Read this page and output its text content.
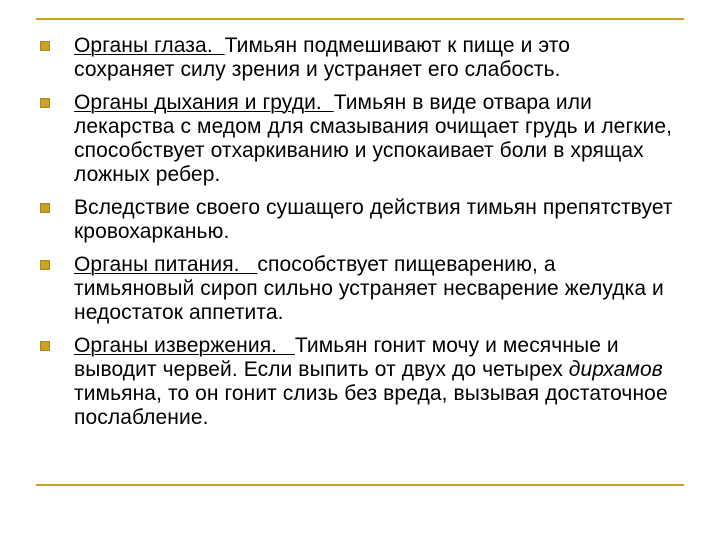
Органы глаза.  Тимьян подмешивают к пище и это сохраняет силу зрения и устраняет его слабость.
Органы дыхания и груди.  Тимьян в виде отвара или лекарства с медом для смазывания очищает грудь и легкие, способствует отхаркиванию и успокаивает боли в хрящах ложных ребер.
Вследствие своего сушащего действия тимьян препятствует кровохарканью.
Органы питания.   способствует пищеварению, а тимьяновый сироп сильно устраняет несварение желудка и недостаток аппетита.
Органы извержения.   Тимьян гонит мочу и месячные и выводит червей. Если выпить от двух до четырех дирхамов тимьяна, то он гонит слизь без вреда, вызывая достаточное послабление.
